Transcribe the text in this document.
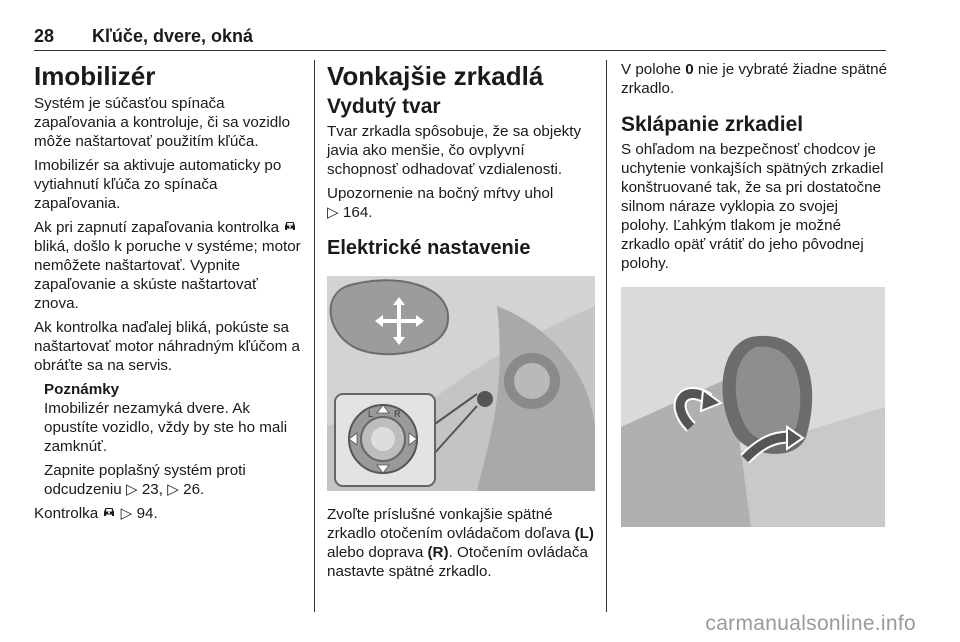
28 Kľúče, dvere, okná
Imobilizér

Systém je súčasťou spínača zapaľovania a kontroluje, či sa vozidlo môže naštartovať použitím kľúča.

Imobilizér sa aktivuje automaticky po vytiahnutí kľúča zo spínača zapaľovania.

Ak pri zapnutí zapaľovania kontrolka  bliká, došlo k poruche v systéme; motor nemôžete naštartovať. Vypnite zapaľovanie a skúste naštartovať znova.

Ak kontrolka naďalej bliká, pokúste sa naštartovať motor náhradným kľúčom a obráťte sa na servis.

Poznámky

Imobilizér nezamyká dvere. Ak opustíte vozidlo, vždy by ste ho mali zamknúť.

Zapnite poplašný systém proti odcudzeniu ▷ 23, ▷ 26.

Kontrolka ▷ 94.

Vonkajšie zrkadlá
Vydutý tvar

Tvar zrkadla spôsobuje, že sa objekty javia ako menšie, čo ovplyvní schopnosť odhadovať vzdialenosti.

Upozornenie na bočný mŕtvy uhol
▷ 164.

Elektrické nastavenie
L R

Zvoľte príslušné vonkajšie spätné zrkadlo otočením ovládačom doľava (L) alebo doprava (R). Otočením ovládača nastavte spätné zrkadlo.

V polohe 0 nie je vybraté žiadne spätné zrkadlo.

Sklápanie zrkadiel

S ohľadom na bezpečnosť chodcov je uchytenie vonkajších spätných zrkadiel konštruované tak, že sa pri dostatočne silnom náraze vyklopia zo svojej polohy. Ľahkým tlakom je možné zrkadlo opäť vrátiť do jeho pôvodnej polohy.

carmanualsonline.info
